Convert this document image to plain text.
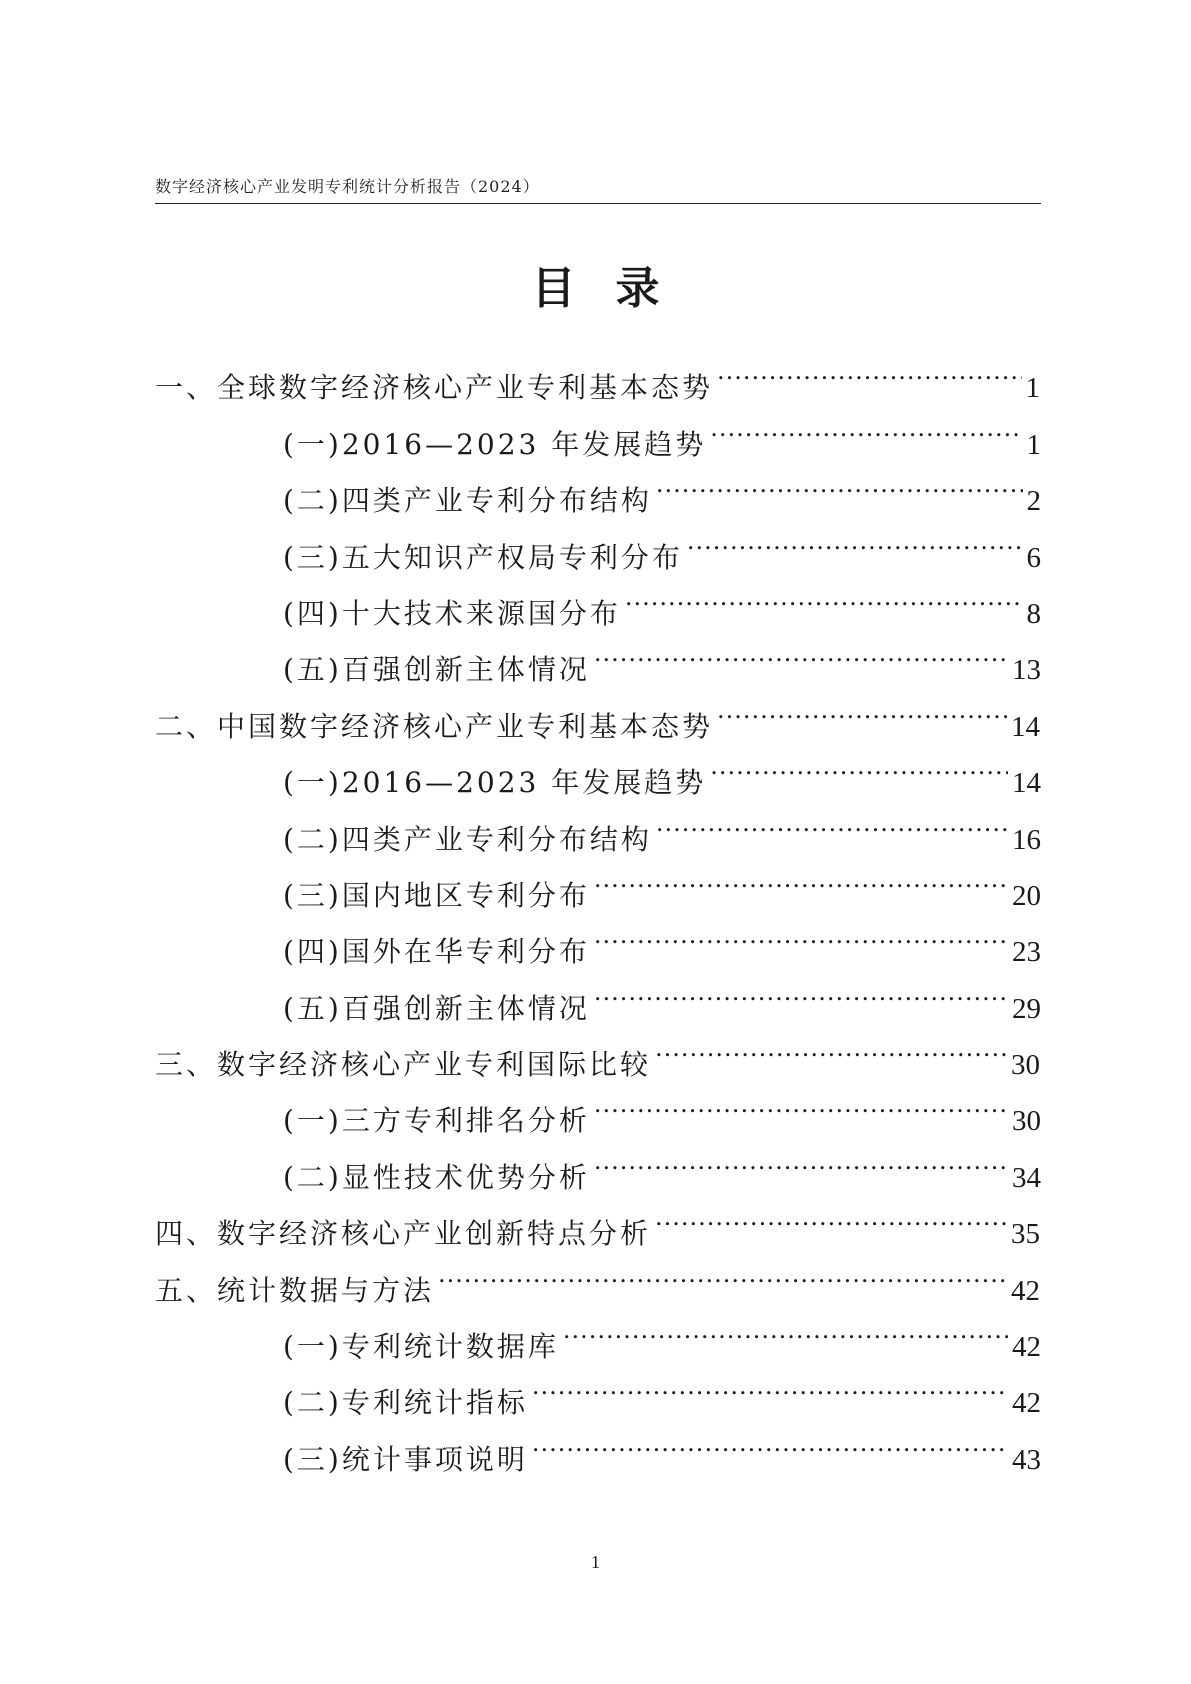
数字经济核心产业发明专利统计分析报告（2024）
目录
一、全球数字经济核心产业专利基本态势 .....	1
(一)2016—2023 年发展趋势 .....	1
(二)四类产业专利分布结构 .....	2
(三)五大知识产权局专利分布 .....	6
(四)十大技术来源国分布 .....	8
(五)百强创新主体情况 .....	13
二、中国数字经济核心产业专利基本态势 .....	14
(一)2016—2023 年发展趋势 .....	14
(二)四类产业专利分布结构 .....	16
(三)国内地区专利分布 .....	20
(四)国外在华专利分布 .....	23
(五)百强创新主体情况 .....	29
三、数字经济核心产业专利国际比较 .....	30
(一)三方专利排名分析 .....	30
(二)显性技术优势分析 .....	34
四、数字经济核心产业创新特点分析 .....	35
五、统计数据与方法 .....	42
(一)专利统计数据库 .....	42
(二)专利统计指标 .....	42
(三)统计事项说明 .....	43
1
